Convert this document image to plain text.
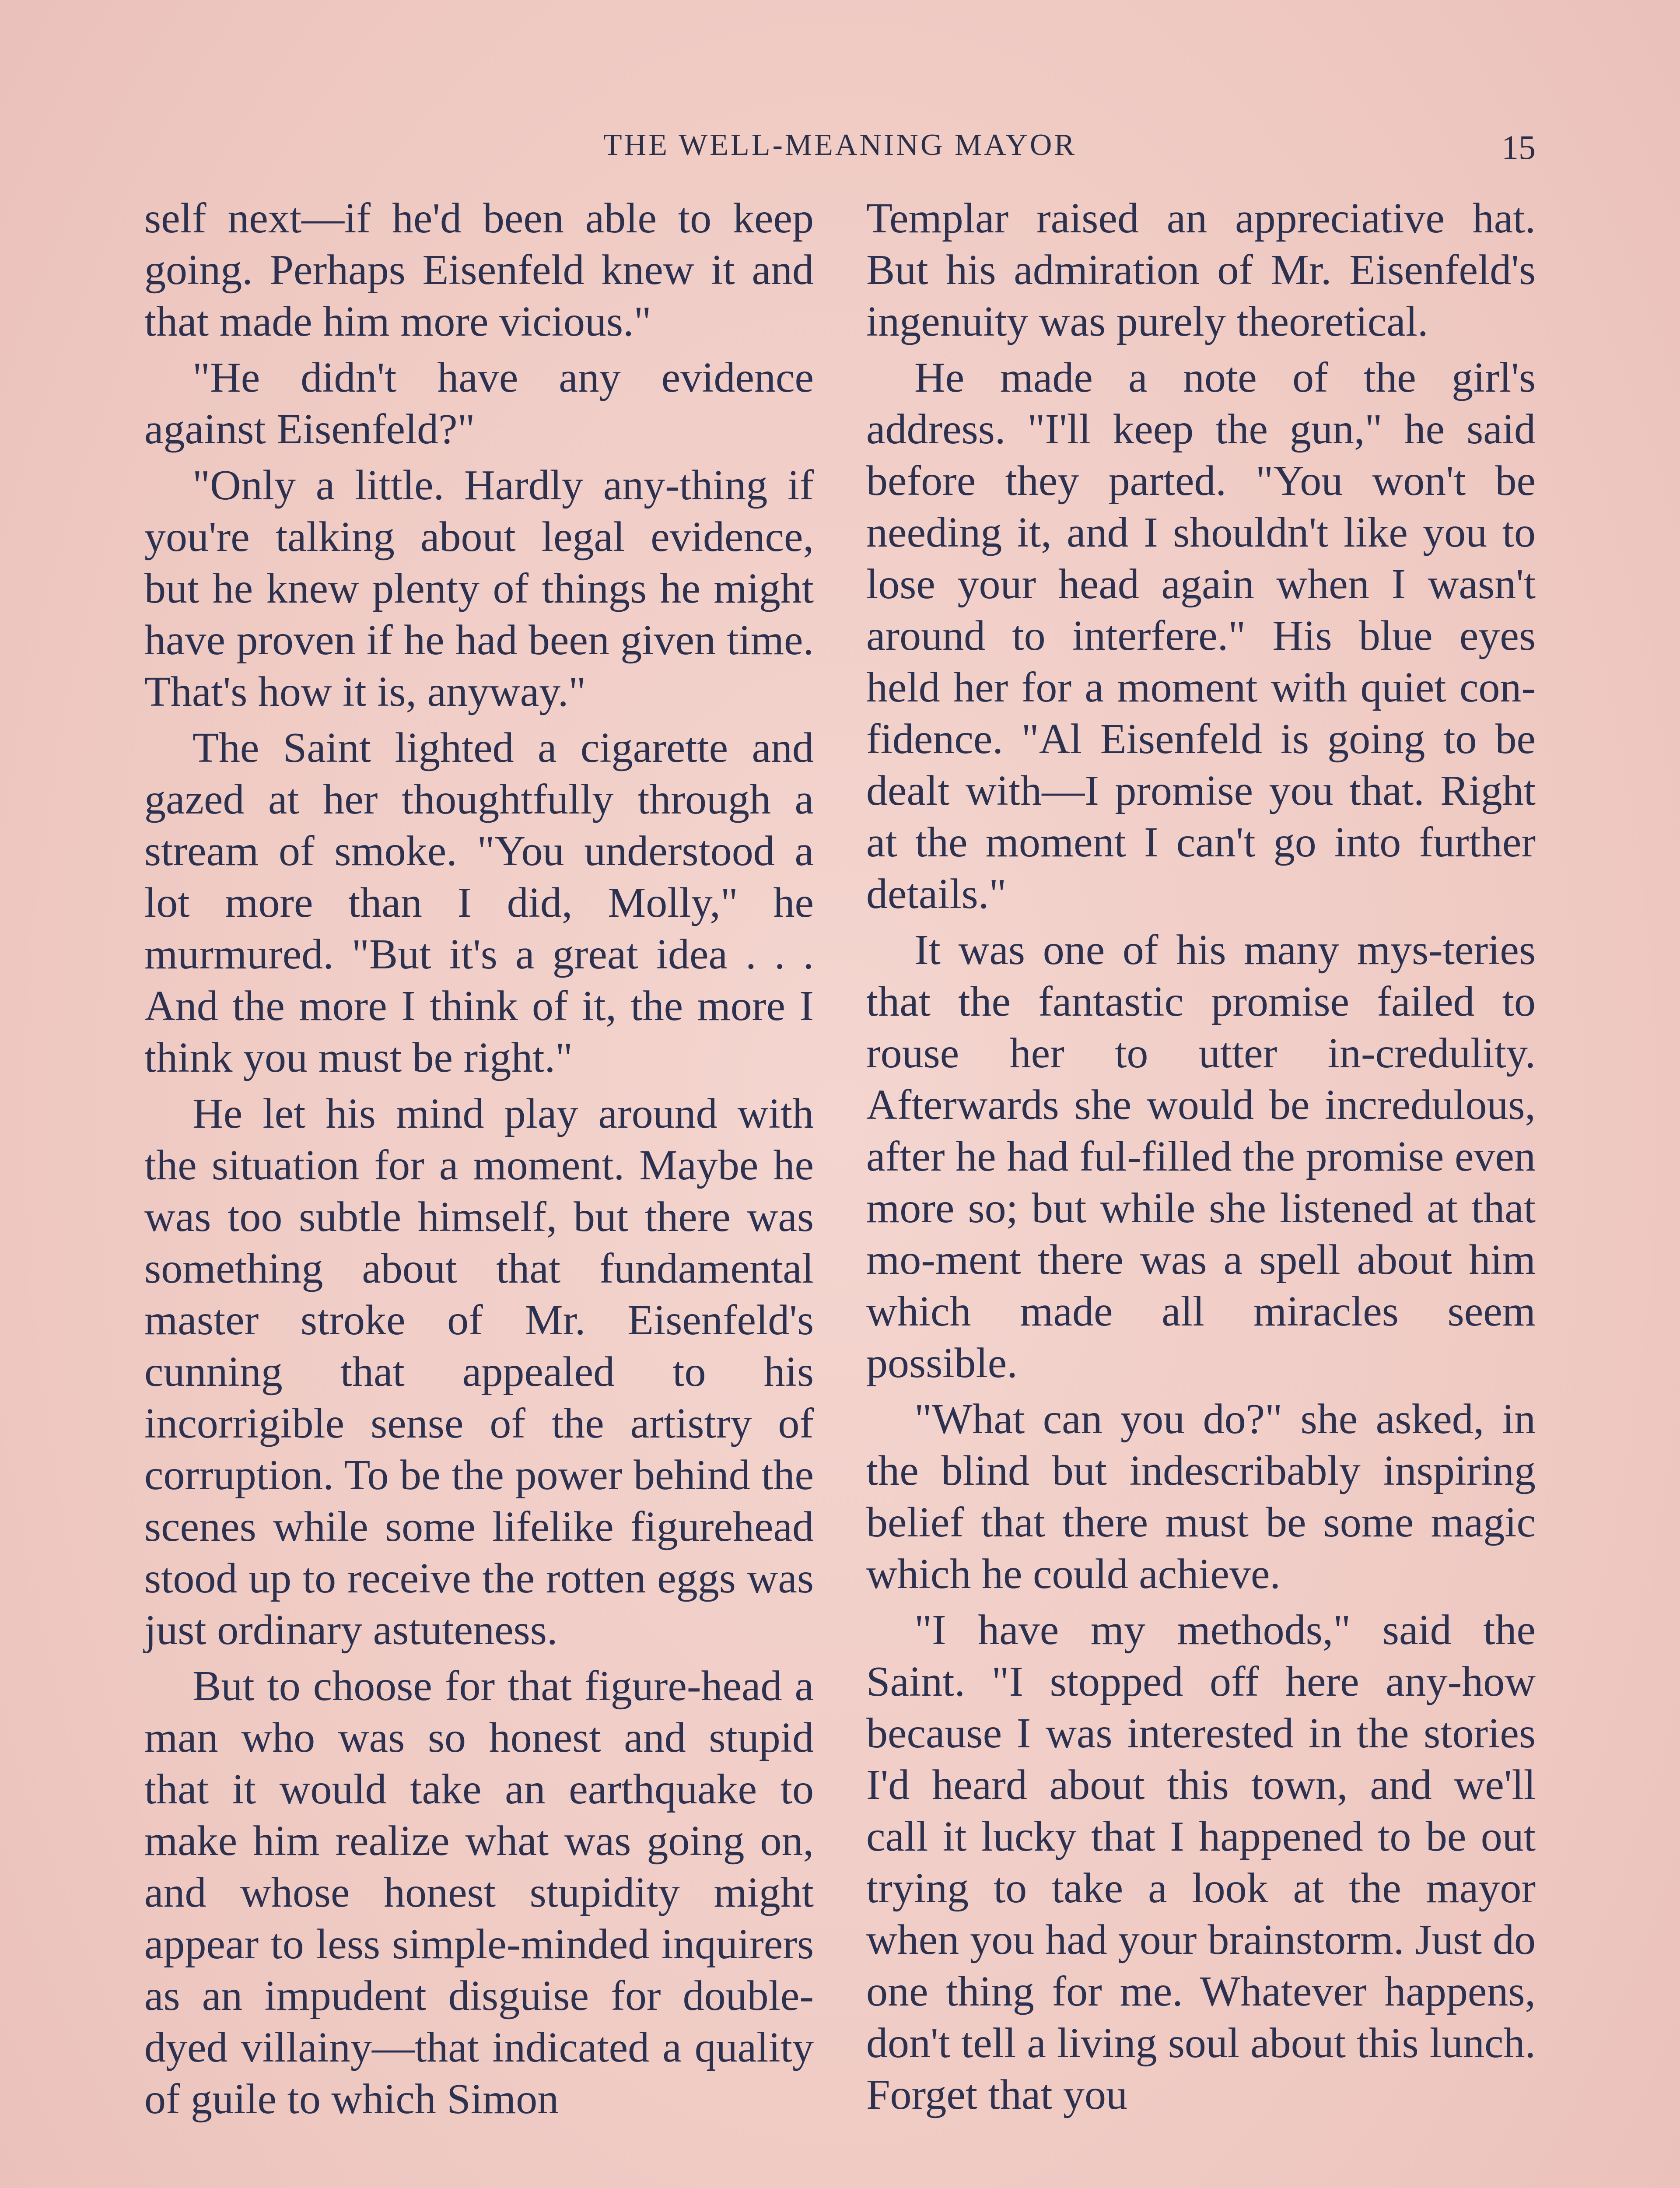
THE WELL-MEANING MAYOR	15

self next—if he'd been able to keep going. Perhaps Eisenfeld knew it and that made him more vicious."

"He didn't have any evidence against Eisenfeld?"

"Only a little. Hardly any-thing if you're talking about legal evidence, but he knew plenty of things he might have proven if he had been given time. That's how it is, anyway."

The Saint lighted a cigarette and gazed at her thoughtfully through a stream of smoke. "You understood a lot more than I did, Molly," he murmured. "But it's a great idea . . . And the more I think of it, the more I think you must be right."

He let his mind play around with the situation for a moment. Maybe he was too subtle himself, but there was something about that fundamental master stroke of Mr. Eisenfeld's cunning that appealed to his incorrigible sense of the artistry of corruption. To be the power behind the scenes while some lifelike figurehead stood up to receive the rotten eggs was just ordinary astuteness.

But to choose for that figure-head a man who was so honest and stupid that it would take an earthquake to make him realize what was going on, and whose honest stupidity might appear to less simple-minded inquirers as an impudent disguise for double-dyed villainy—that indicated a quality of guile to which Simon

Templar raised an appreciative hat. But his admiration of Mr. Eisenfeld's ingenuity was purely theoretical.

He made a note of the girl's address. "I'll keep the gun," he said before they parted. "You won't be needing it, and I shouldn't like you to lose your head again when I wasn't around to interfere." His blue eyes held her for a moment with quiet con-fidence. "Al Eisenfeld is going to be dealt with—I promise you that. Right at the moment I can't go into further details."

It was one of his many mys-teries that the fantastic promise failed to rouse her to utter in-credulity. Afterwards she would be incredulous, after he had ful-filled the promise even more so; but while she listened at that mo-ment there was a spell about him which made all miracles seem possible.

"What can you do?" she asked, in the blind but indescribably inspiring belief that there must be some magic which he could achieve.

"I have my methods," said the Saint. "I stopped off here any-how because I was interested in the stories I'd heard about this town, and we'll call it lucky that I happened to be out trying to take a look at the mayor when you had your brainstorm. Just do one thing for me. Whatever happens, don't tell a living soul about this lunch. Forget that you
